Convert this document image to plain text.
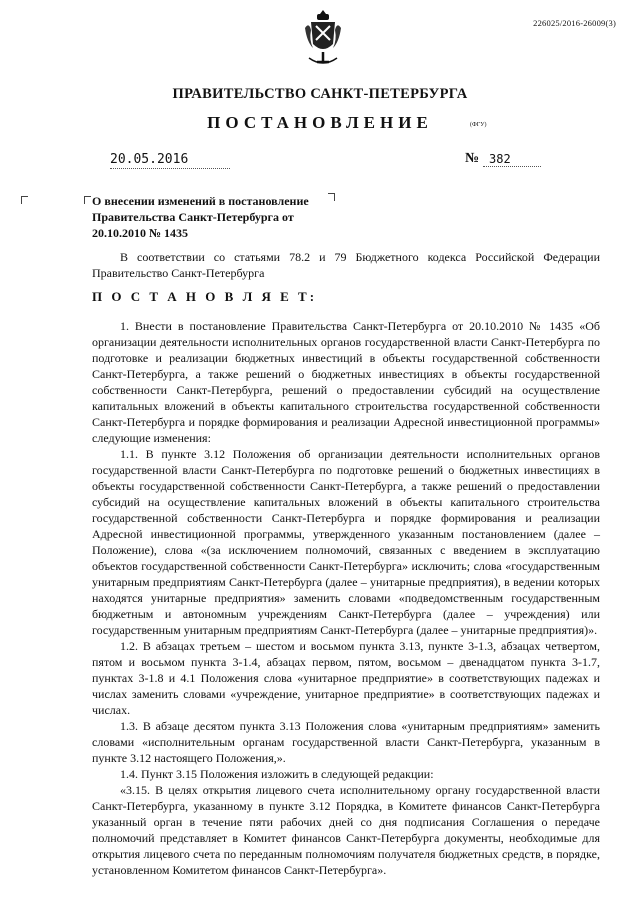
226025/2016-26009(3)
ПРАВИТЕЛЬСТВО САНКТ-ПЕТЕРБУРГА
ПОСТАНОВЛЕНИЕ	(ФГУ)
20.05.2016	№ 382
О внесении изменений в постановление Правительства Санкт-Петербурга от 20.10.2010 № 1435
В соответствии со статьями 78.2 и 79 Бюджетного кодекса Российской Федерации Правительство Санкт-Петербурга
П О С Т А Н О В Л Я Е Т:

1. Внести в постановление Правительства Санкт-Петербурга от 20.10.2010 № 1435 «Об организации деятельности исполнительных органов государственной власти Санкт-Петербурга по подготовке и реализации бюджетных инвестиций в объекты государственной собственности Санкт-Петербурга, а также решений о бюджетных инвестициях в объекты государственной собственности Санкт-Петербурга, решений о предоставлении субсидий на осуществление капитальных вложений в объекты капитального строительства государственной собственности Санкт-Петербурга и порядке формирования и реализации Адресной инвестиционной программы» следующие изменения:

1.1. В пункте 3.12 Положения об организации деятельности исполнительных органов государственной власти Санкт-Петербурга по подготовке решений о бюджетных инвестициях в объекты государственной собственности Санкт-Петербурга, а также решений о предоставлении субсидий на осуществление капитальных вложений в объекты капитального строительства государственной собственности Санкт-Петербурга и порядке формирования и реализации Адресной инвестиционной программы, утвержденного указанным постановлением (далее – Положение), слова «(за исключением полномочий, связанных с введением в эксплуатацию объектов государственной собственности Санкт-Петербурга» исключить; слова «государственным унитарным предприятиям Санкт-Петербурга (далее – унитарные предприятия), в ведении которых находятся унитарные предприятия» заменить словами «подведомственным государственным бюджетным и автономным учреждениям Санкт-Петербурга (далее – учреждения) или государственным унитарным предприятиям Санкт-Петербурга (далее – унитарные предприятия)».

1.2. В абзацах третьем – шестом и восьмом пункта 3.13, пункте 3-1.3, абзацах четвертом, пятом и восьмом пункта 3-1.4, абзацах первом, пятом, восьмом – двенадцатом пункта 3-1.7, пунктах 3-1.8 и 4.1 Положения слова «унитарное предприятие» в соответствующих падежах и числах заменить словами «учреждение, унитарное предприятие» в соответствующих падежах и числах.

1.3. В абзаце десятом пункта 3.13 Положения слова «унитарным предприятиям» заменить словами «исполнительным органам государственной власти Санкт-Петербурга, указанным в пункте 3.12 настоящего Положения,».

1.4. Пункт 3.15 Положения изложить в следующей редакции:

«3.15. В целях открытия лицевого счета исполнительному органу государственной власти Санкт-Петербурга, указанному в пункте 3.12 Порядка, в Комитете финансов Санкт-Петербурга указанный орган в течение пяти рабочих дней со дня подписания Соглашения о передаче полномочий представляет в Комитет финансов Санкт-Петербурга документы, необходимые для открытия лицевого счета по переданным полномочиям получателя бюджетных средств, в порядке, установленном Комитетом финансов Санкт-Петербурга».
